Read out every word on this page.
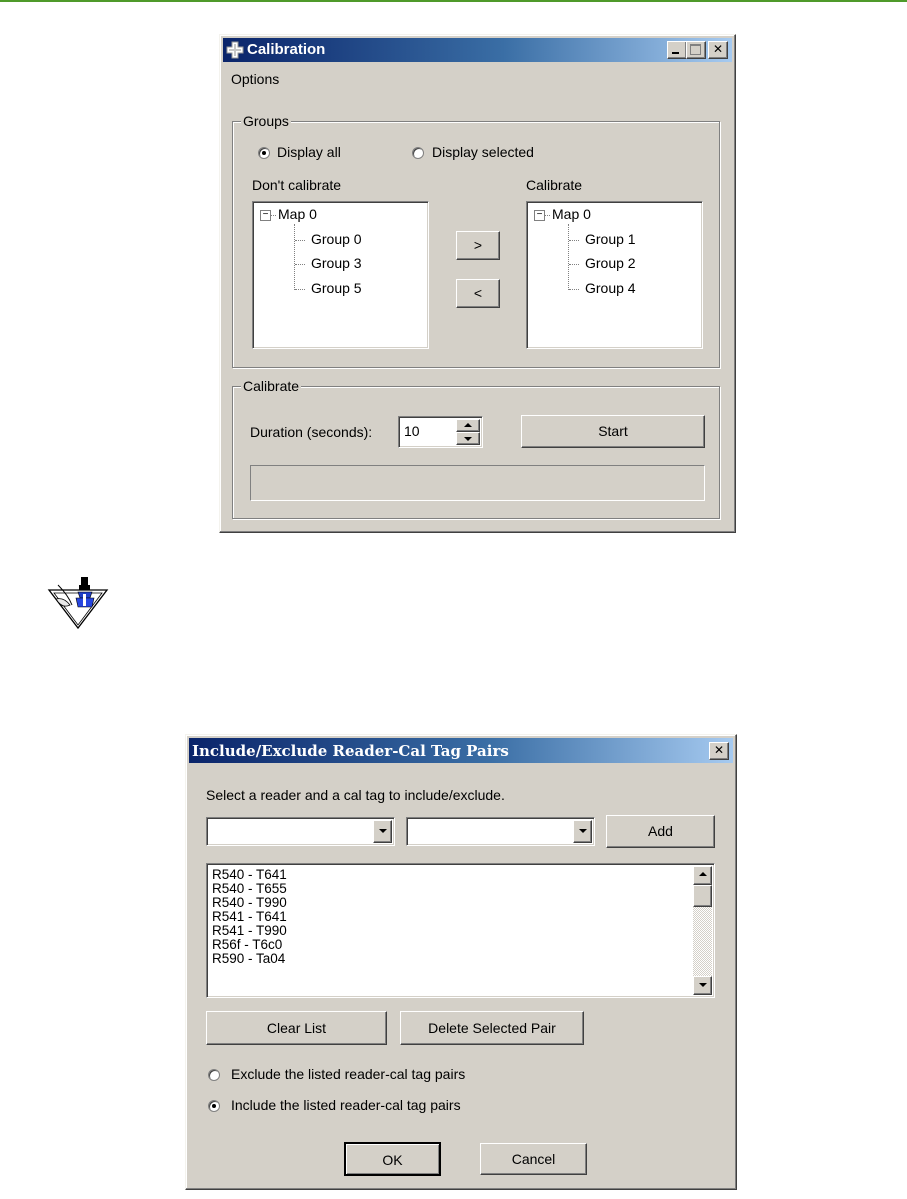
Calibration	✕
Options
Groups
Display all	Display selected
Don't calibrate	Calibrate
− Map 0
Group 0
Group 3
Group 5
>
<
− Map 0
Group 1
Group 2
Group 4
Calibrate
Duration (seconds): 10	Start
Include/Exclude Reader-Cal Tag Pairs	✕
Select a reader and a cal tag to include/exclude.
Add
R540 - T641
R540 - T655
R540 - T990
R541 - T641
R541 - T990
R56f - T6c0
R590 - Ta04
Clear List	Delete Selected Pair
Exclude the listed reader-cal tag pairs
Include the listed reader-cal tag pairs
OK	Cancel
